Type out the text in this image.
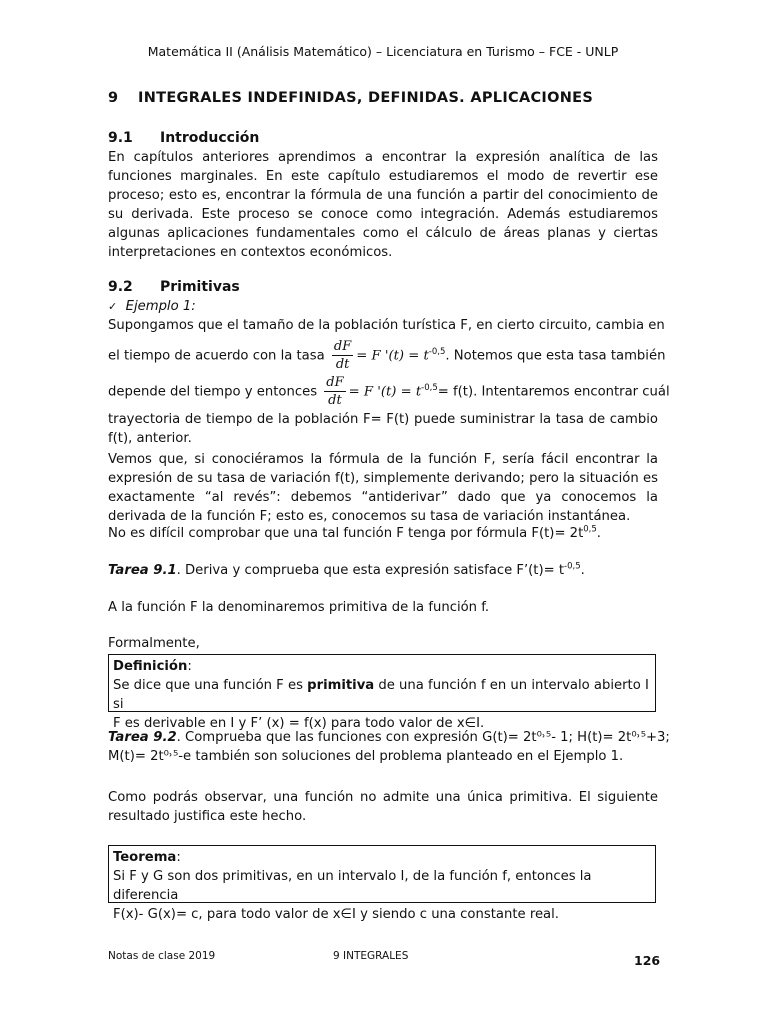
Matemática II (Análisis Matemático) – Licenciatura en Turismo – FCE - UNLP
9 INTEGRALES INDEFINIDAS, DEFINIDAS. APLICACIONES
9.1 Introducción
En capítulos anteriores aprendimos a encontrar la expresión analítica de las funciones marginales. En este capítulo estudiaremos el modo de revertir ese proceso; esto es, encontrar la fórmula de una función a partir del conocimiento de su derivada. Este proceso se conoce como integración. Además estudiaremos algunas aplicaciones fundamentales como el cálculo de áreas planas y ciertas interpretaciones en contextos económicos.
9.2 Primitivas
✓ Ejemplo 1:
Supongamos que el tamaño de la población turística F, en cierto circuito, cambia en
el tiempo de acuerdo con la tasa $\frac{dF}{dt} = F$ '$(t) = t^{-0,5}$. Notemos que esta tasa también
depende del tiempo y entonces $\frac{dF}{dt} = F$ '$(t) = t^{-0,5}= f(t)$. Intentaremos encontrar cuál
trayectoria de tiempo de la población F= F(t) puede suministrar la tasa de cambio
f(t), anterior.
Vemos que, si conociéramos la fórmula de la función F, sería fácil encontrar la expresión de su tasa de variación f(t), simplemente derivando; pero la situación es exactamente “al revés”: debemos “antiderivar” dado que ya conocemos la derivada de la función F; esto es, conocemos su tasa de variación instantánea.
No es difícil comprobar que una tal función F tenga por fórmula $F(t)= 2t^{0,5}$.
Tarea 9.1. Deriva y comprueba que esta expresión satisface F’(t)= $t^{-0,5}$.
A la función F la denominaremos primitiva de la función f.
Formalmente,
Definición:
Se dice que una función F es primitiva de una función f en un intervalo abierto I si
F es derivable en I y F’ (x) = f(x) para todo valor de x∈I.
Tarea 9.2. Comprueba que las funciones con expresión G(t)= 2t⁰˒⁵- 1; H(t)= 2t⁰˒⁵+3;
M(t)= 2t⁰˒⁵-e también son soluciones del problema planteado en el Ejemplo 1.
Como podrás observar, una función no admite una única primitiva. El siguiente resultado justifica este hecho.
Teorema:
Si F y G son dos primitivas, en un intervalo I, de la función f, entonces la diferencia
F(x)- G(x)= c, para todo valor de x∈I y siendo c una constante real.
Notas de clase 2019	9 INTEGRALES	126
